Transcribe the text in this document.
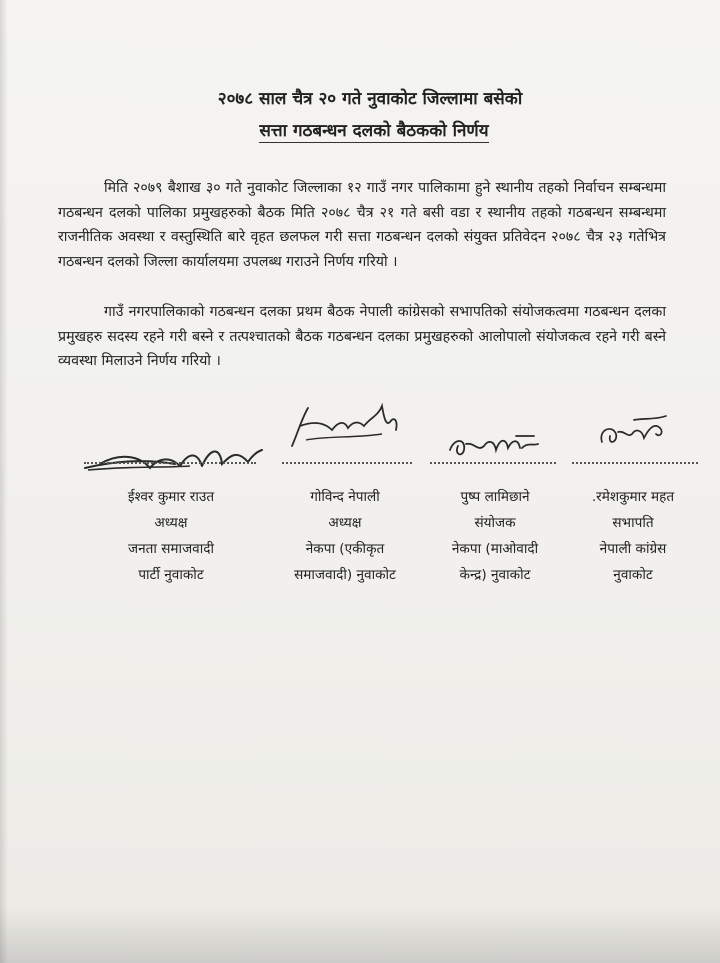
२०७८ साल चैत्र २० गते नुवाकोट जिल्लामा बसेको
सत्ता गठबन्धन दलको बैठकको निर्णय
मिति २०७९ बैशाख ३० गते नुवाकोट जिल्लाका १२ गाउँ नगर पालिकामा हुने स्थानीय तहको निर्वाचन सम्बन्धमा गठबन्धन दलको पालिका प्रमुखहरुको बैठक मिति २०७८ चैत्र २१ गते बसी वडा र स्थानीय तहको गठबन्धन सम्बन्धमा राजनीतिक अवस्था र वस्तुस्थिति बारे वृहत छलफल गरी सत्ता गठबन्धन दलको संयुक्त प्रतिवेदन २०७८ चैत्र २३ गतेभित्र गठबन्धन दलको जिल्ला कार्यालयमा उपलब्ध गराउने निर्णय गरियो ।
गाउँ नगरपालिकाको गठबन्धन दलका प्रथम बैठक नेपाली कांग्रेसको सभापतिको संयोजकत्वमा गठबन्धन दलका प्रमुखहरु सदस्य रहने गरी बस्ने र तत्पश्चातको बैठक गठबन्धन दलका प्रमुखहरुको आलोपालो संयोजकत्व रहने गरी बस्ने व्यवस्था मिलाउने निर्णय गरियो ।
ईश्वर कुमार राउत
अध्यक्ष
जनता समाजवादी
पार्टी नुवाकोट
गोविन्द नेपाली
अध्यक्ष
नेकपा (एकीकृत
समाजवादी) नुवाकोट
पुष्प लामिछाने
संयोजक
नेकपा (माओवादी
केन्द्र) नुवाकोट
.रमेशकुमार महत
सभापति
नेपाली कांग्रेस
नुवाकोट
